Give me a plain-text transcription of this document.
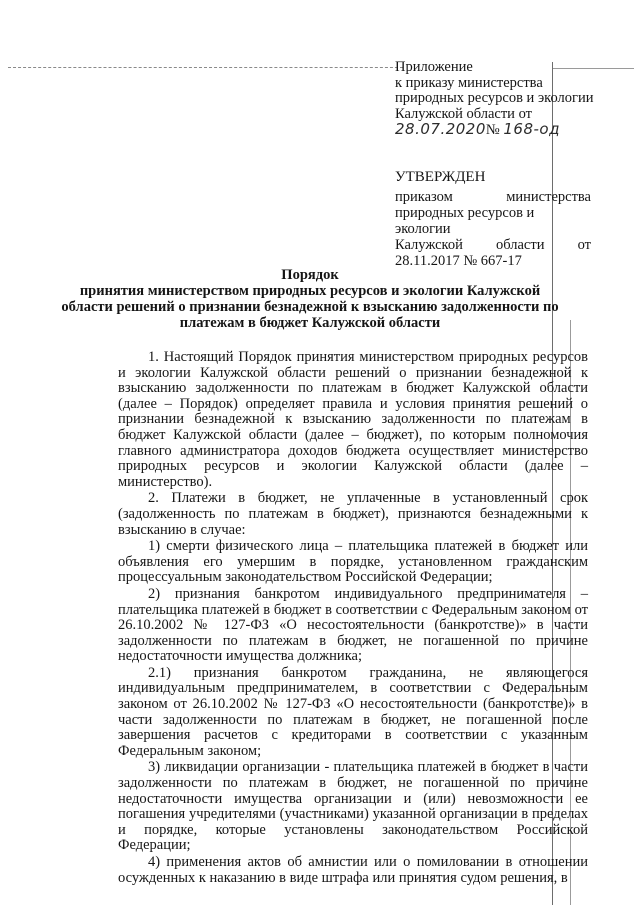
Приложение
к приказу министерства
природных ресурсов и экологии
Калужской области от
28.07.2020№ 168-од
УТВЕРЖДЕН
приказом министерства
природных ресурсов и экологии
Калужской области от
28.11.2017 № 667-17
Порядок
принятия министерством природных ресурсов и экологии Калужской области решений о признании безнадежной к взысканию задолженности по платежам в бюджет Калужской области

1. Настоящий Порядок принятия министерством природных ресурсов и экологии Калужской области решений о признании безнадежной к взысканию задолженности по платежам в бюджет Калужской области (далее – Порядок) определяет правила и условия принятия решений о признании безнадежной к взысканию задолженности по платежам в бюджет Калужской области (далее – бюджет), по которым полномочия главного администратора доходов бюджета осуществляет министерство природных ресурсов и экологии Калужской области (далее – министерство).

2. Платежи в бюджет, не уплаченные в установленный срок (задолженность по платежам в бюджет), признаются безнадежными к взысканию в случае:

1) смерти физического лица – плательщика платежей в бюджет или объявления его умершим в порядке, установленном гражданским процессуальным законодательством Российской Федерации;

2) признания банкротом индивидуального предпринимателя – плательщика платежей в бюджет в соответствии с Федеральным законом от 26.10.2002 № 127-ФЗ «О несостоятельности (банкротстве)» в части задолженности по платежам в бюджет, не погашенной по причине недостаточности имущества должника;

2.1) признания банкротом гражданина, не являющегося индивидуальным предпринимателем, в соответствии с Федеральным законом от 26.10.2002 № 127-ФЗ «О несостоятельности (банкротстве)» в части задолженности по платежам в бюджет, не погашенной после завершения расчетов с кредиторами в соответствии с указанным Федеральным законом;

3) ликвидации организации - плательщика платежей в бюджет в части задолженности по платежам в бюджет, не погашенной по причине недостаточности имущества организации и (или) невозможности ее погашения учредителями (участниками) указанной организации в пределах и порядке, которые установлены законодательством Российской Федерации;

4) применения актов об амнистии или о помиловании в отношении осужденных к наказанию в виде штрафа или принятия судом решения, в
